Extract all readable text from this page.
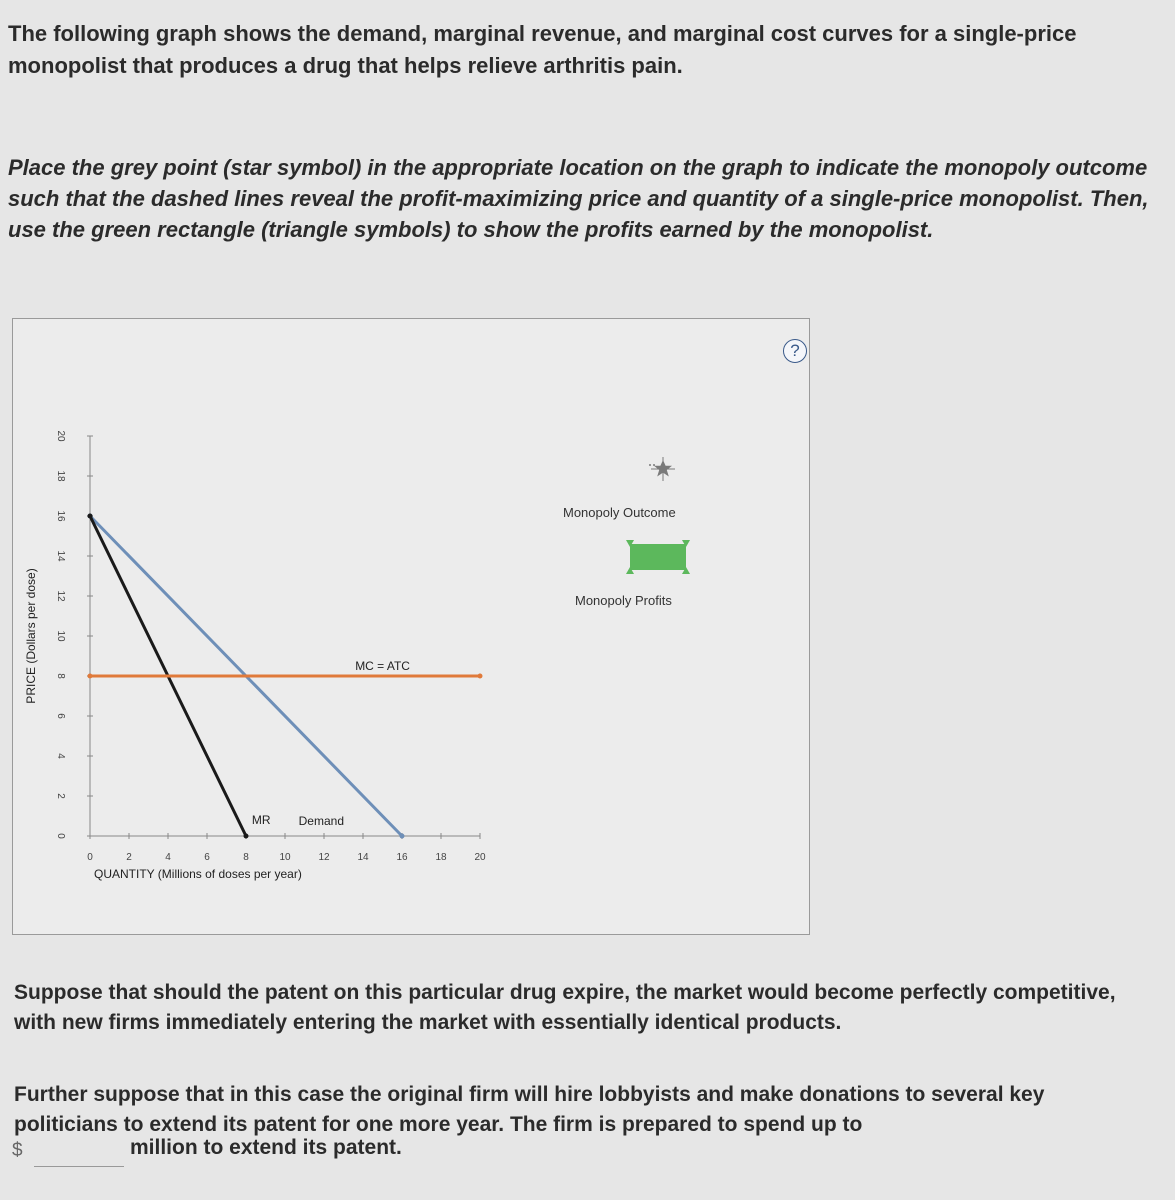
The following graph shows the demand, marginal revenue, and marginal cost curves for a single-price monopolist that produces a drug that helps relieve arthritis pain.

Place the grey point (star symbol) in the appropriate location on the graph to indicate the monopoly outcome such that the dashed lines reveal the profit-maximizing price and quantity of a single-price monopolist. Then, use the green rectangle (triangle symbols) to show the profits earned by the monopolist.

0
2
4
6
8
10
12
14
16
18
20
0	2	4	6	8	10	12	14	16	18	20
QUANTITY (Millions of doses per year)
PRICE (Dollars per dose)
MR Demand
MC = ATC
?
Monopoly Outcome
Monopoly Profits

Suppose that should the patent on this particular drug expire, the market would become perfectly competitive, with new firms immediately entering the market with essentially identical products.

Further suppose that in this case the original firm will hire lobbyists and make donations to several key politicians to extend its patent for one more year. The firm is prepared to spend up to

$	million to extend its patent.
